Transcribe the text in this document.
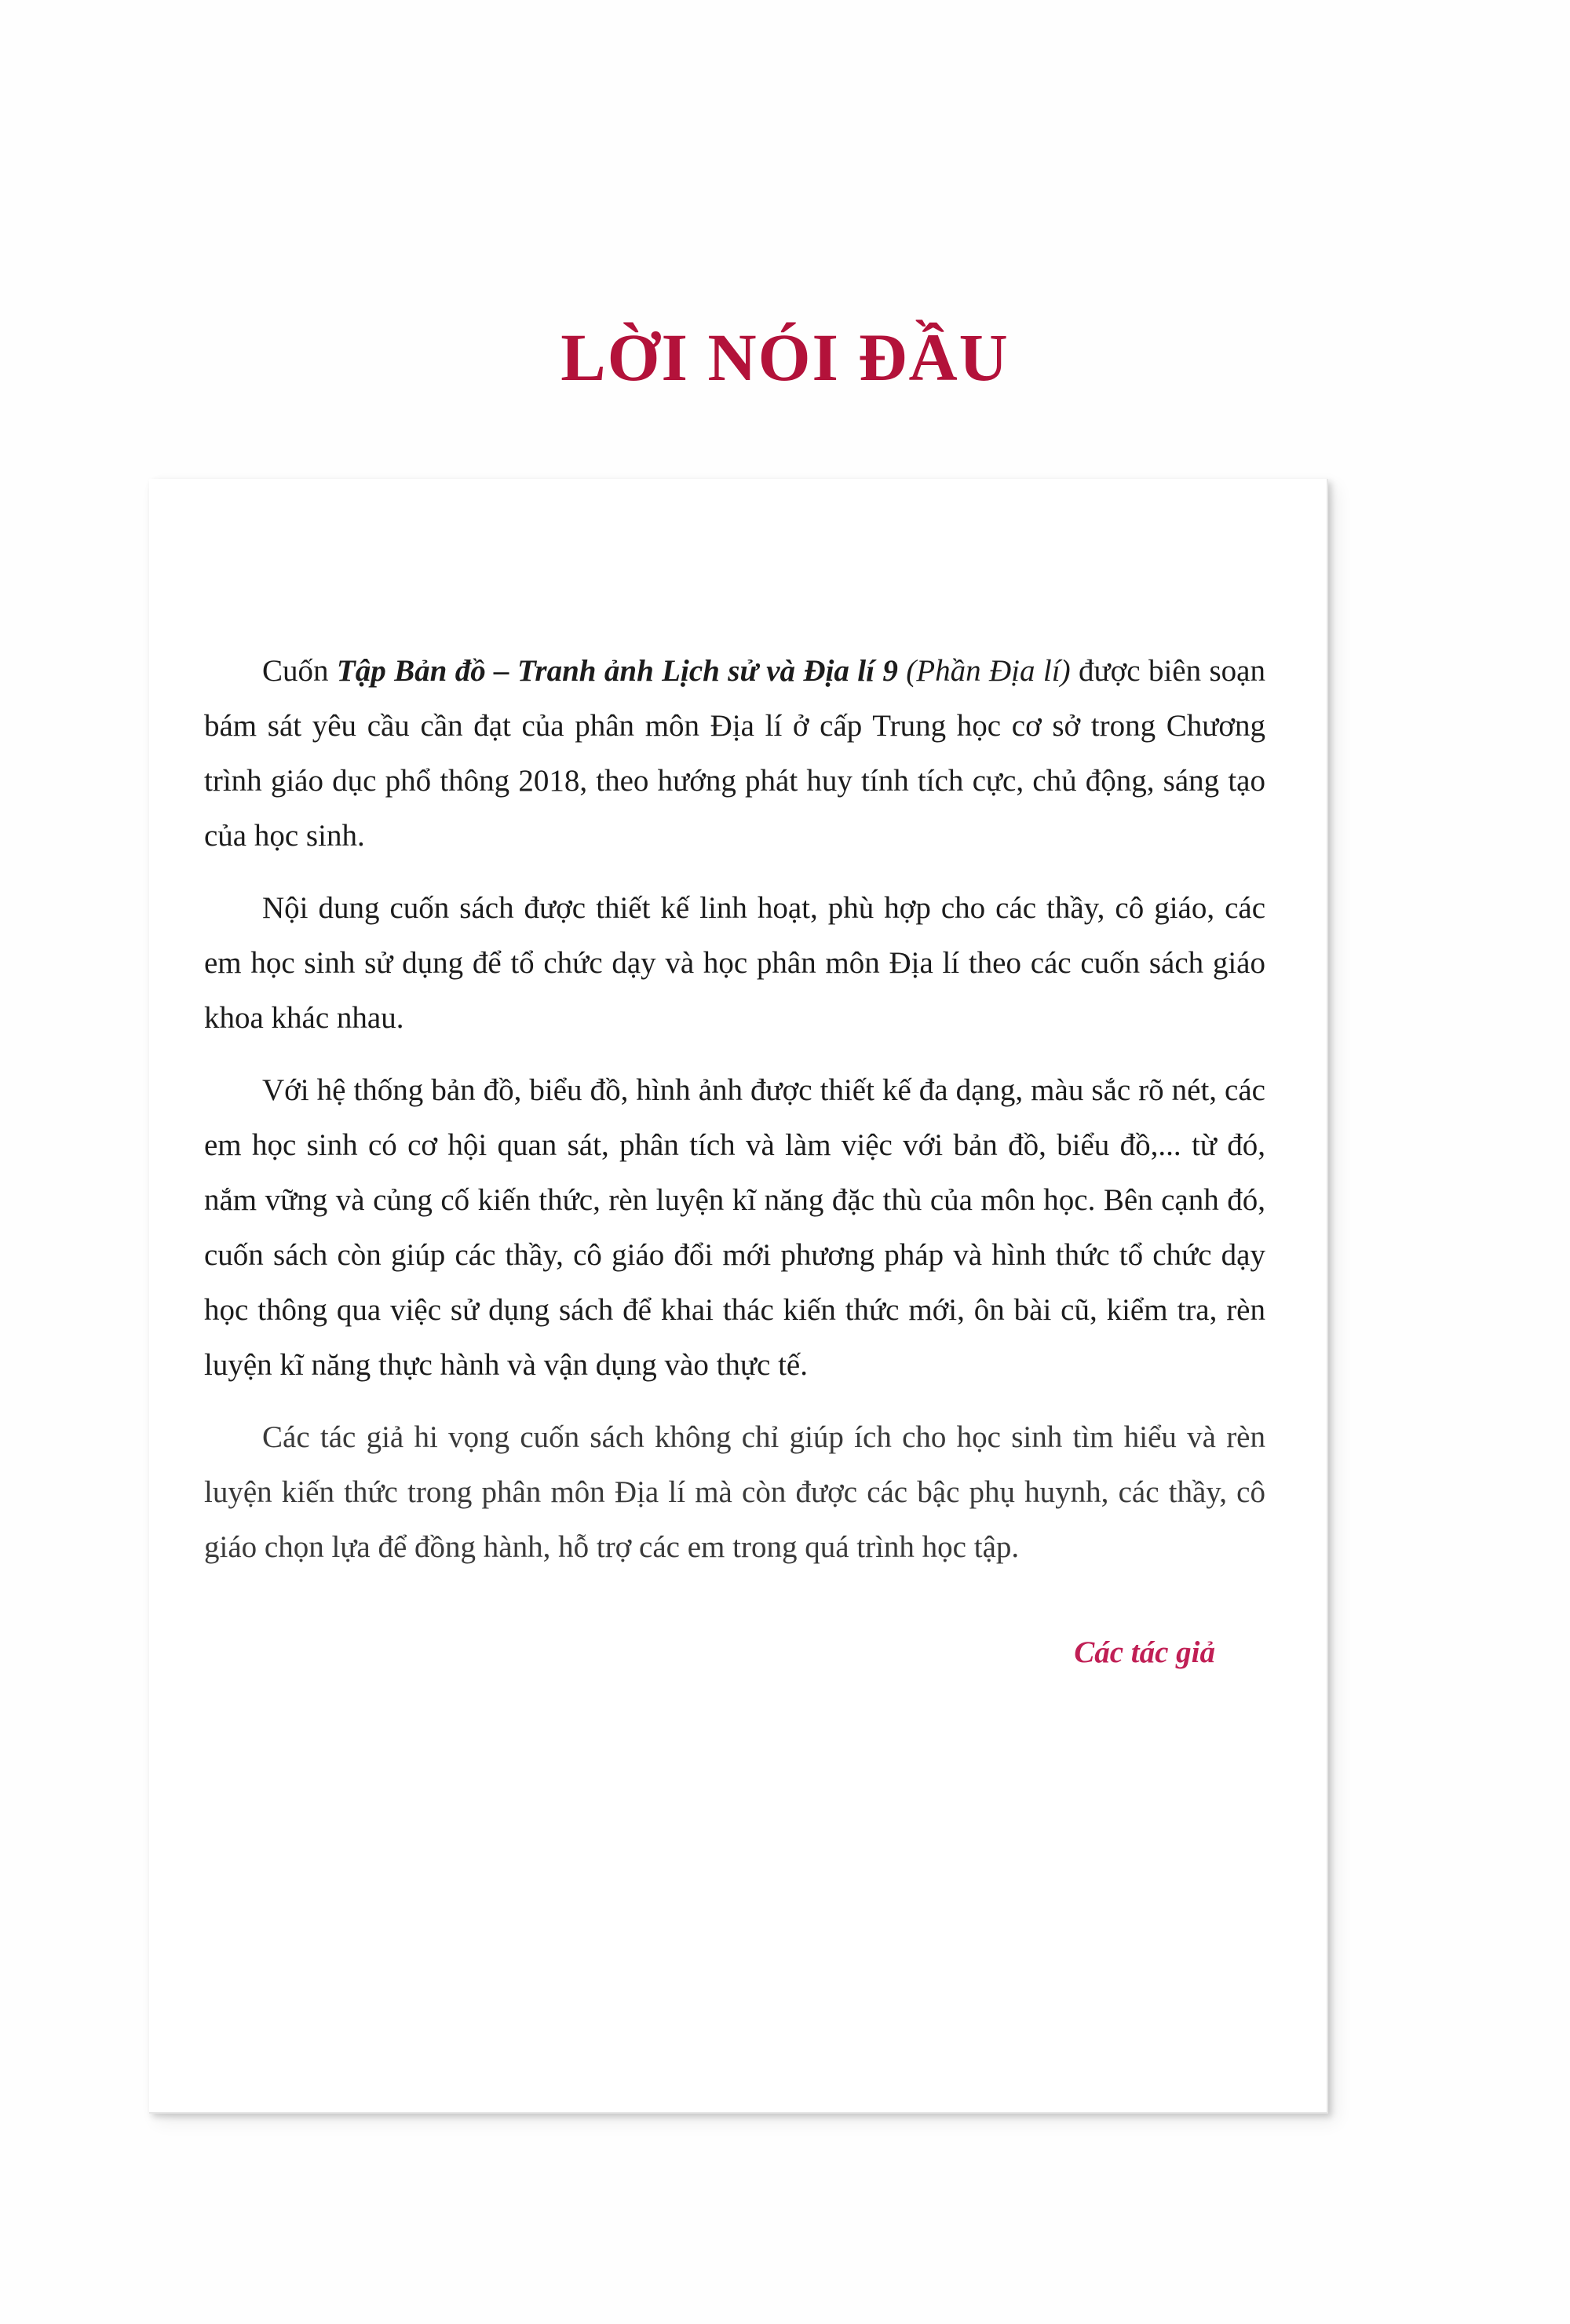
LỜI NÓI ĐẦU

Cuốn Tập Bản đồ – Tranh ảnh Lịch sử và Địa lí 9 (Phần Địa lí) được biên soạn bám sát yêu cầu cần đạt của phân môn Địa lí ở cấp Trung học cơ sở trong Chương trình giáo dục phổ thông 2018, theo hướng phát huy tính tích cực, chủ động, sáng tạo của học sinh.

Nội dung cuốn sách được thiết kế linh hoạt, phù hợp cho các thầy, cô giáo, các em học sinh sử dụng để tổ chức dạy và học phân môn Địa lí theo các cuốn sách giáo khoa khác nhau.

Với hệ thống bản đồ, biểu đồ, hình ảnh được thiết kế đa dạng, màu sắc rõ nét, các em học sinh có cơ hội quan sát, phân tích và làm việc với bản đồ, biểu đồ,... từ đó, nắm vững và củng cố kiến thức, rèn luyện kĩ năng đặc thù của môn học. Bên cạnh đó, cuốn sách còn giúp các thầy, cô giáo đổi mới phương pháp và hình thức tổ chức dạy học thông qua việc sử dụng sách để khai thác kiến thức mới, ôn bài cũ, kiểm tra, rèn luyện kĩ năng thực hành và vận dụng vào thực tế.

Các tác giả hi vọng cuốn sách không chỉ giúp ích cho học sinh tìm hiểu và rèn luyện kiến thức trong phân môn Địa lí mà còn được các bậc phụ huynh, các thầy, cô giáo chọn lựa để đồng hành, hỗ trợ các em trong quá trình học tập.

Các tác giả
